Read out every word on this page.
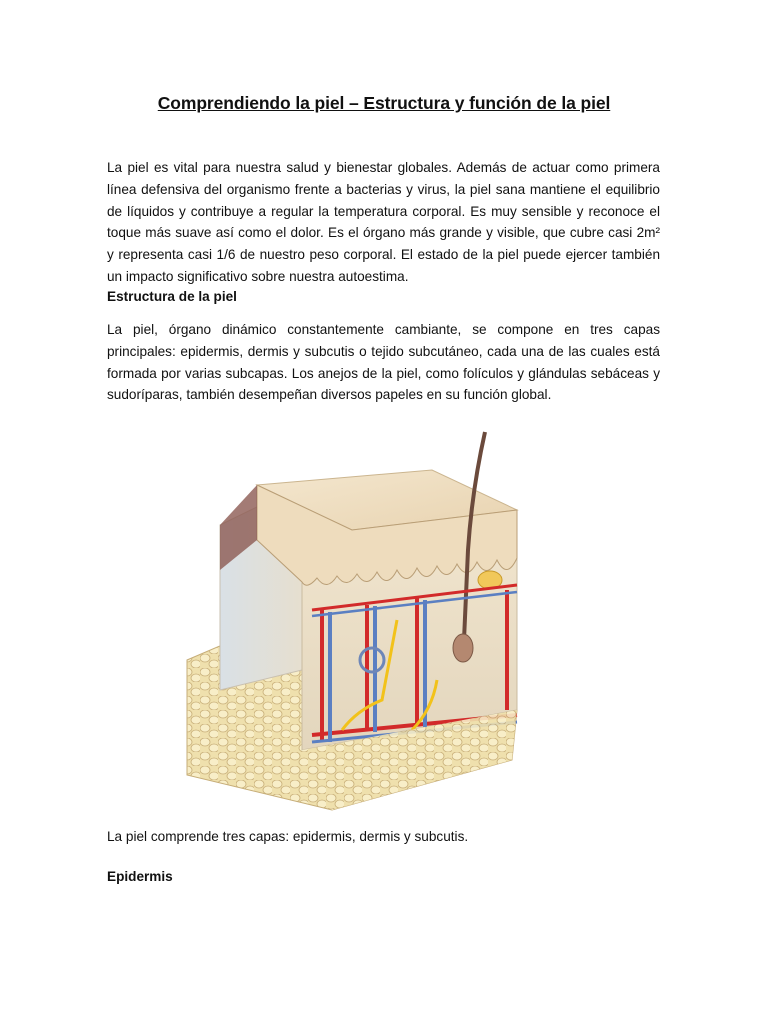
Comprendiendo la piel – Estructura y función de la piel
La piel es vital para nuestra salud y bienestar globales. Además de actuar como primera línea defensiva del organismo frente a bacterias y virus, la piel sana mantiene el equilibrio de líquidos y contribuye a regular la temperatura corporal. Es muy sensible y reconoce el toque más suave así como el dolor. Es el órgano más grande y visible, que cubre casi 2m² y representa casi 1/6 de nuestro peso corporal. El estado de la piel puede ejercer también un impacto significativo sobre nuestra autoestima.
Estructura de la piel
La piel, órgano dinámico constantemente cambiante, se compone en tres capas principales: epidermis, dermis y subcutis o tejido subcutáneo, cada una de las cuales está formada por varias subcapas. Los anejos de la piel, como folículos y glándulas sebáceas y sudoríparas, también desempeñan diversos papeles en su función global.
La piel comprende tres capas: epidermis, dermis y subcutis.
Epidermis
